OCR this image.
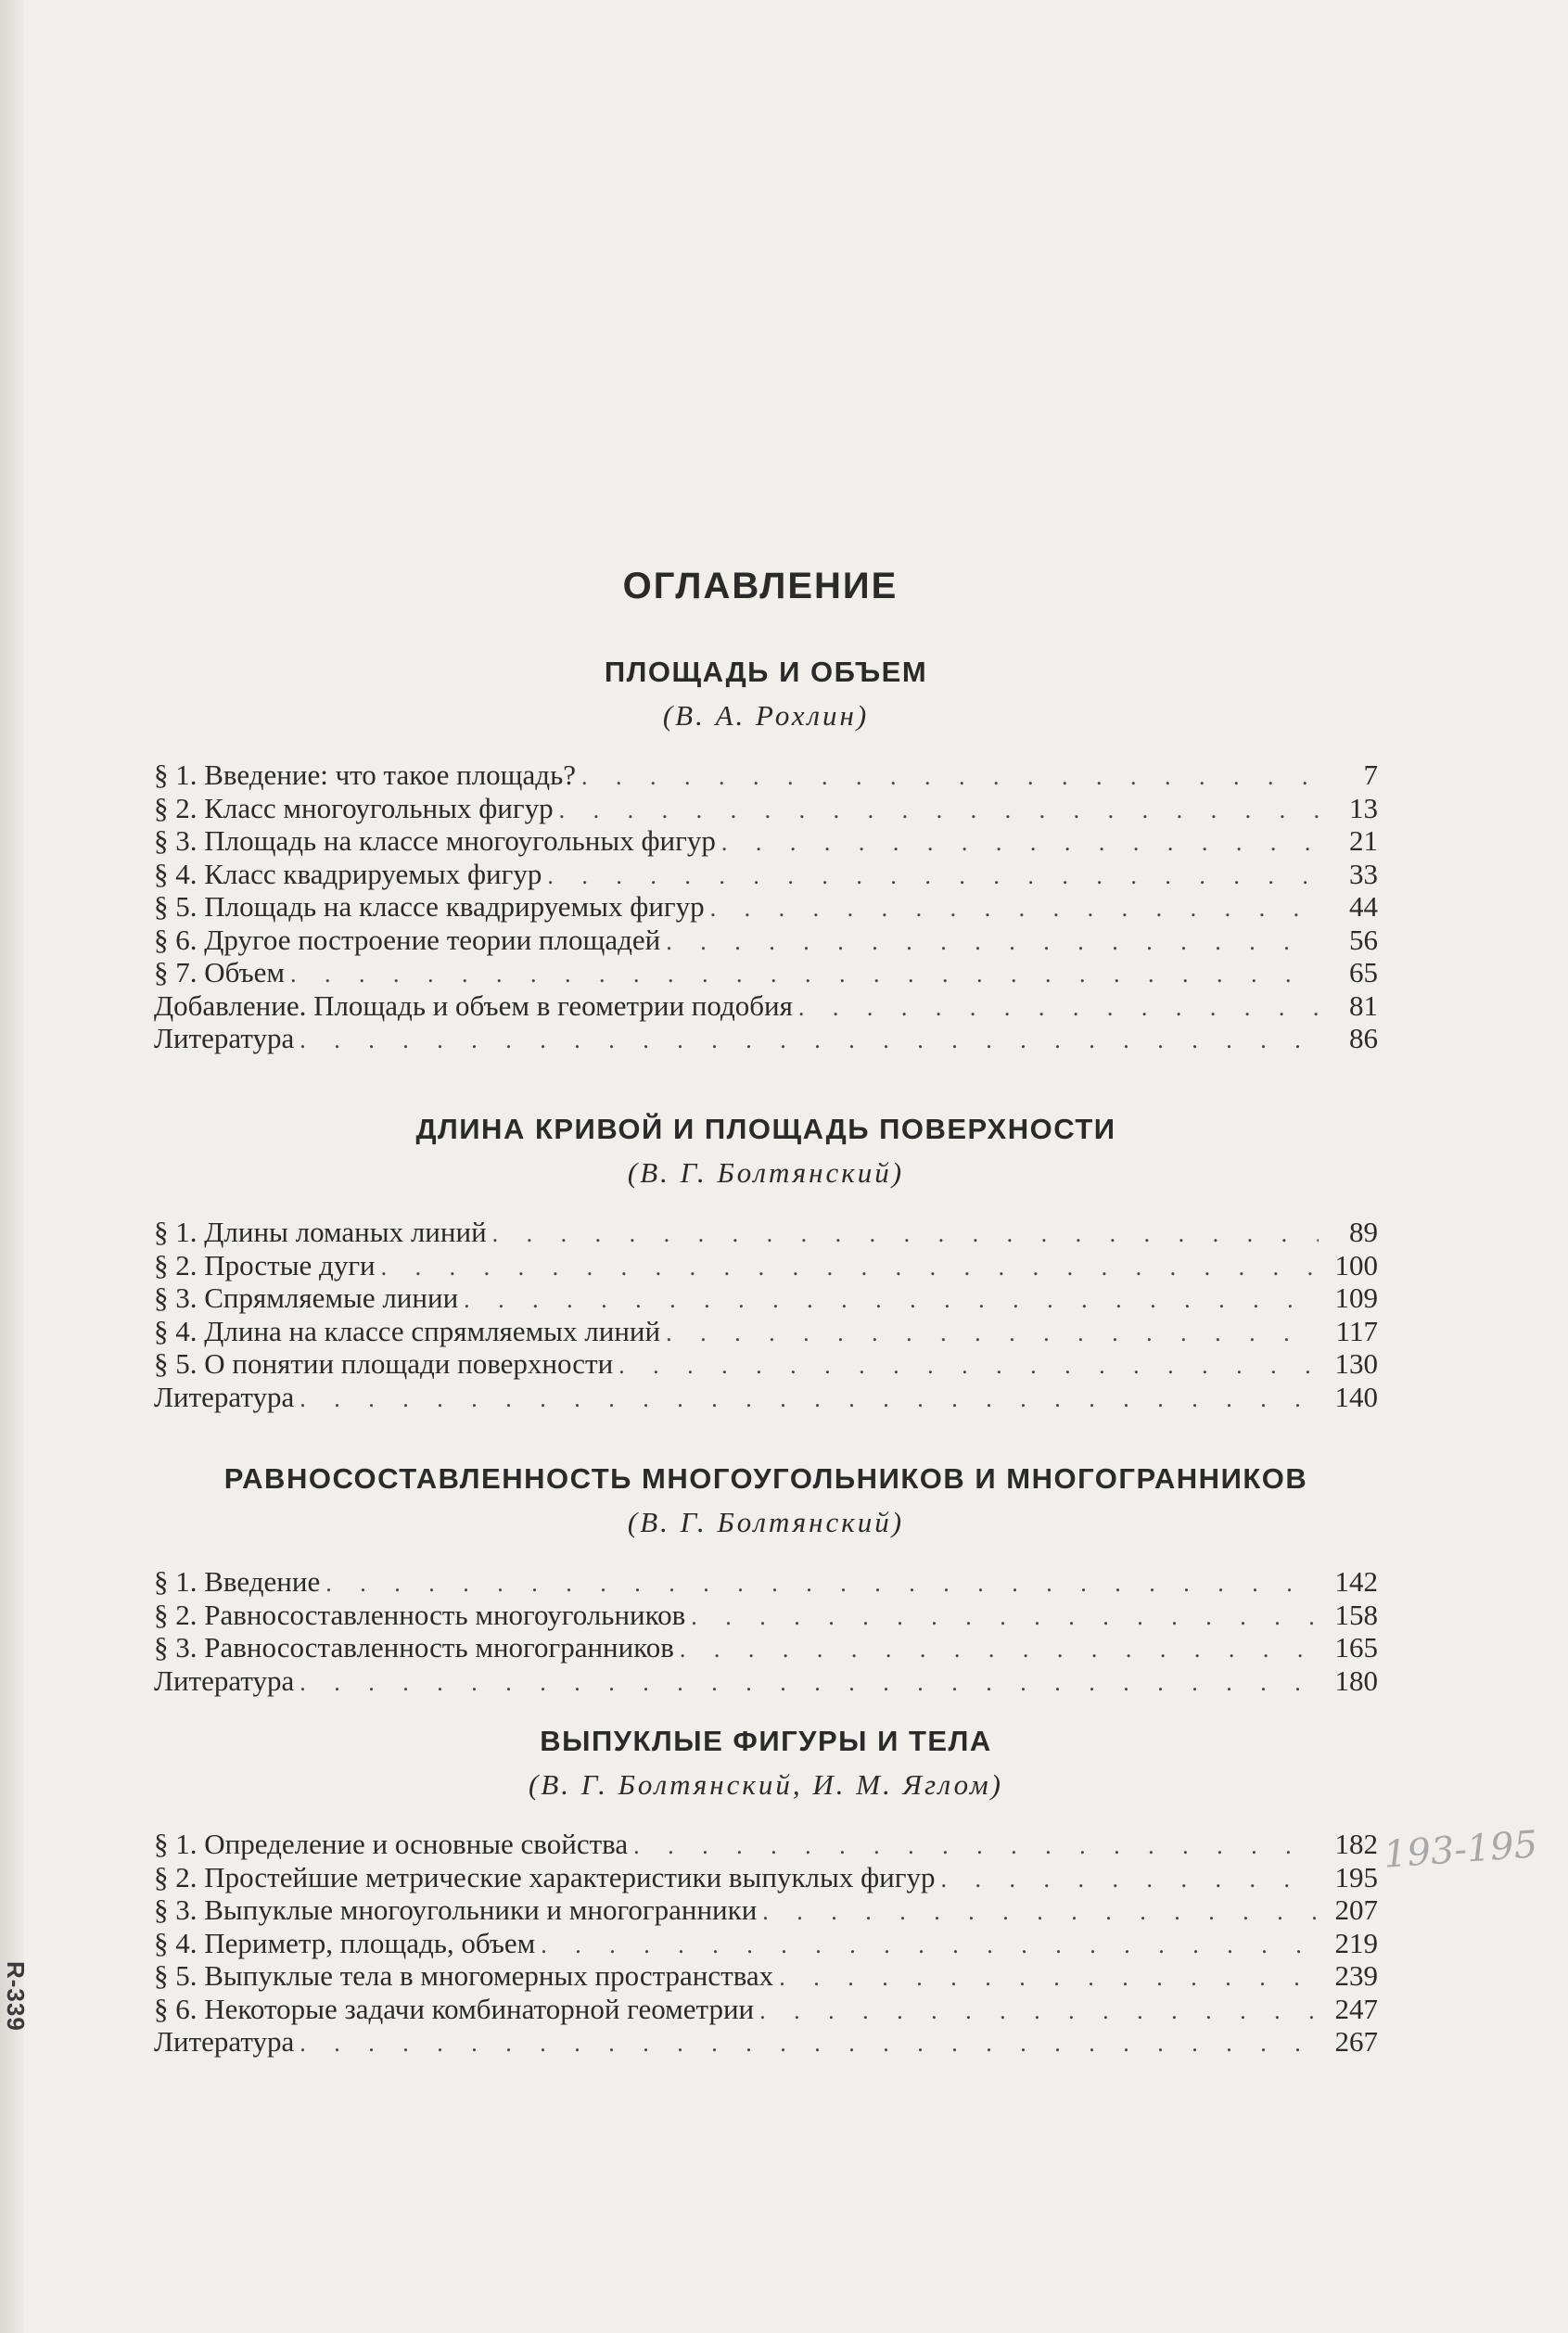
R-339
193-195
ОГЛАВЛЕНИЕ
ПЛОЩАДЬ И ОБЪЕМ

(В. А. Рохлин)

§ 1. Введение: что такое площадь? . . .	7
§ 2. Класс многоугольных фигур . . .	13
§ 3. Площадь на классе многоугольных фигур . . .	21
§ 4. Класс квадрируемых фигур . . .	33
§ 5. Площадь на классе квадрируемых фигур . . .	44
§ 6. Другое построение теории площадей . . .	56
§ 7. Объем . . .	65
Добавление. Площадь и объем в геометрии подобия . . .	81
Литература . . .	86
ДЛИНА КРИВОЙ И ПЛОЩАДЬ ПОВЕРХНОСТИ

(В. Г. Болтянский)

§ 1. Длины ломаных линий . . .	89
§ 2. Простые дуги . . .	100
§ 3. Спрямляемые линии . . .	109
§ 4. Длина на классе спрямляемых линий . . .	117
§ 5. О понятии площади поверхности . . .	130
Литература . . .	140
РАВНОСОСТАВЛЕННОСТЬ МНОГОУГОЛЬНИКОВ И МНОГОГРАННИКОВ

(В. Г. Болтянский)

§ 1. Введение . . .	142
§ 2. Равносоставленность многоугольников . . .	158
§ 3. Равносоставленность многогранников . . .	165
Литература . . .	180
ВЫПУКЛЫЕ ФИГУРЫ И ТЕЛА

(В. Г. Болтянский, И. М. Яглом)

§ 1. Определение и основные свойства . . .	182
§ 2. Простейшие метрические характеристики выпуклых фигур . . .	195
§ 3. Выпуклые многоугольники и многогранники . . .	207
§ 4. Периметр, площадь, объем . . .	219
§ 5. Выпуклые тела в многомерных пространствах . . .	239
§ 6. Некоторые задачи комбинаторной геометрии . . .	247
Литература . . .	267
